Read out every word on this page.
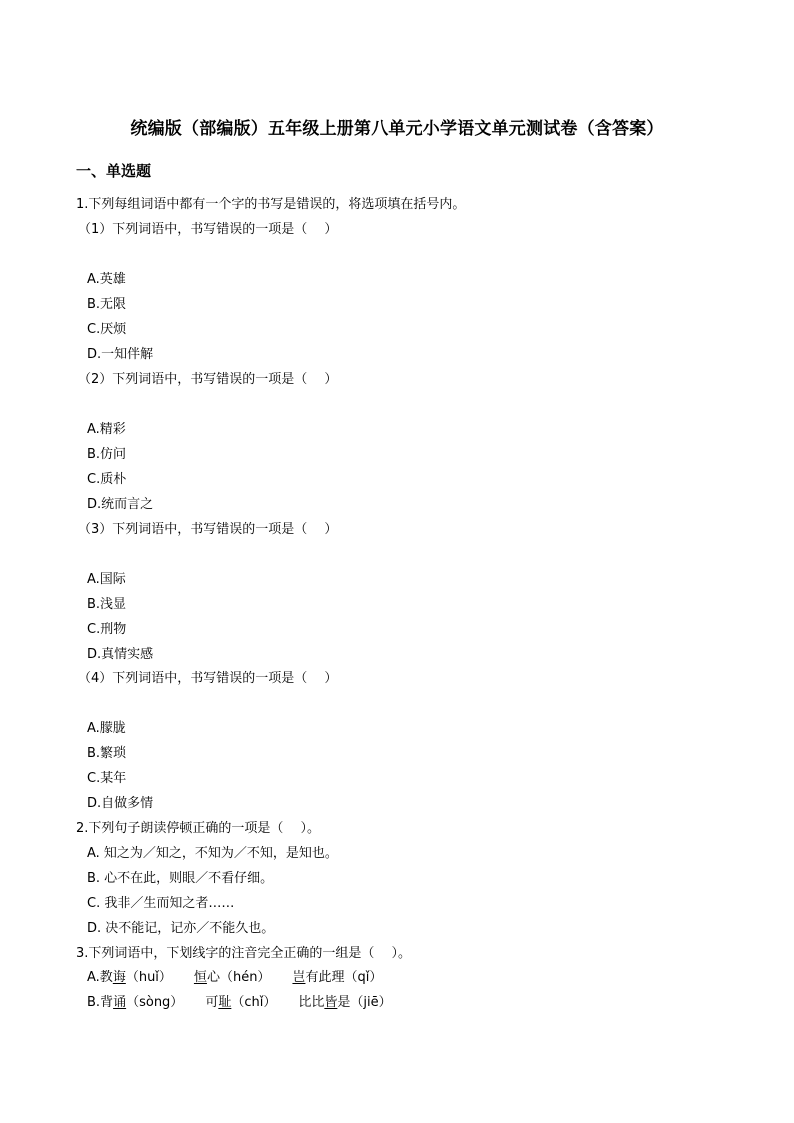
统编版（部编版）五年级上册第八单元小学语文单元测试卷（含答案）
一、单选题
1.下列每组词语中都有一个字的书写是错误的，将选项填在括号内。
（1）下列词语中，书写错误的一项是（　 ）
A.英雄
B.无限
C.厌烦
D.一知伴解
（2）下列词语中，书写错误的一项是（　 ）
A.精彩
B.仿问
C.质朴
D.统而言之
（3）下列词语中，书写错误的一项是（　 ）
A.国际
B.浅显
C.刑物
D.真情实感
（4）下列词语中，书写错误的一项是（　 ）
A.朦胧
B.繁琐
C.某年
D.自做多情
2.下列句子朗读停顿正确的一项是（　 ）。
A. 知之为／知之，不知为／不知，是知也。
B. 心不在此，则眼／不看仔细。
C. 我非／生而知之者……
D. 决不能记，记亦／不能久也。
3.下列词语中，下划线字的注音完全正确的一组是（　 ）。
A.教诲（huǐ） 恒心（hén） 岂有此理（qǐ）
B.背诵（sòng） 可耻（chǐ） 比比皆是（jiē）
